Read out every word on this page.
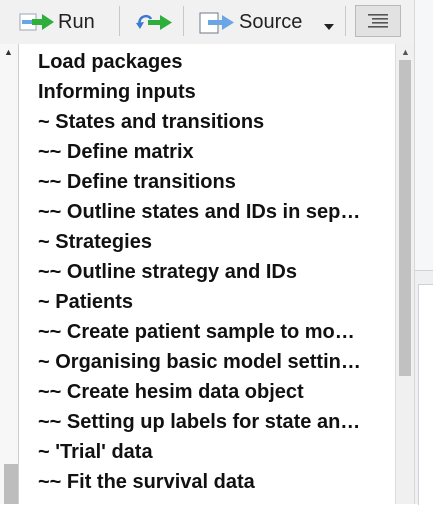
Run	Source
▲ Load packages
Informing inputs
~ States and transitions
~~ Define matrix
~~ Define transitions
~~ Outline states and IDs in sep…
~ Strategies
~~ Outline strategy and IDs
~ Patients
~~ Create patient sample to mo…
~ Organising basic model settin…
~~ Create hesim data object
~~ Setting up labels for state an…
~ 'Trial' data
~~ Fit the survival data
▲
